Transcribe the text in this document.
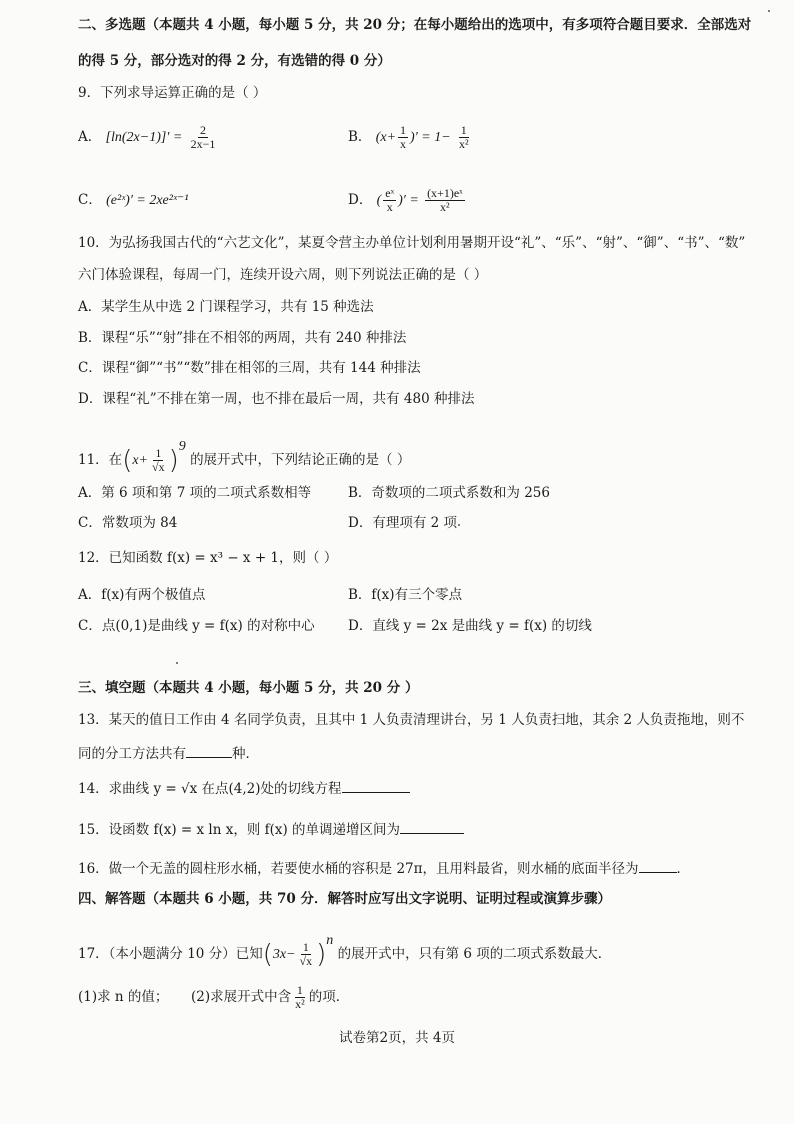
二、多选题（本题共 4 小题，每小题 5 分，共 20 分；在每小题给出的选项中，有多项符合题目要求．全部选对
的得 5 分，部分选对的得 2 分，有选错的得 0 分）
9．下列求导运算正确的是（ ）
A． $[\ln(2x-1)]' = \frac{2}{2x-1}$	B． ($x+ \frac{1}{x}$ )′ = $1- \frac{1}{\text{x²}}$
C． (e²ˣ)′ = 2xe²ˣ⁻¹	D． ( $\frac{\text{eˣ}}{x}$ )′ = $\frac{\text{(x+1)eˣ}}{\text{x²}}$
10．为弘扬我国古代的“六艺文化”，某夏令营主办单位计划利用暑期开设“礼”、“乐”、“射”、“御”、“书”、“数”
六门体验课程，每周一门，连续开设六周，则下列说法正确的是（ ）
A．某学生从中选 2 门课程学习，共有 15 种选法
B．课程“乐”“射”排在不相邻的两周，共有 240 种排法
C．课程“御”“书”“数”排在相邻的三周，共有 144 种排法
D．课程“礼”不排在第一周，也不排在最后一周，共有 480 种排法
11．在$(x+ \frac{1}{√x} )^9$ 的展开式中，下列结论正确的是（ ）
A．第 6 项和第 7 项的二项式系数相等	B．奇数项的二项式系数和为 256
C．常数项为 84	D．有理项有 2 项
12．已知函数 f(x) = x³ − x + 1，则（ ）
A．f(x)有两个极值点	B．f(x)有三个零点
C．点(0,1)是曲线 y = f(x) 的对称中心 D．直线 y = 2x 是曲线 y = f(x) 的切线
三、填空题（本题共 4 小题，每小题 5 分，共 20 分 ）
13．某天的值日工作由 4 名同学负责，且其中 1 人负责清理讲台，另 1 人负责扫地，其余 2 人负责拖地，则不
同的分工方法共有	种．
14．求曲线 y = √x 在点(4,2)处的切线方程
15．设函数 f(x) = x ln x，则 f(x) 的单调递增区间为
16．做一个无盖的圆柱形水桶，若要使水桶的容积是 27π，且用料最省，则水桶的底面半径为	．
四、解答题（本题共 6 小题，共 70 分．解答时应写出文字说明、证明过程或演算步骤）
17．（本小题满分 10 分）已知$(3x- \frac{1}{√x} )^n$ 的展开式中，只有第 6 项的二项式系数最大．
(1)求 n 的值； (2)求展开式中含 $\frac{1}{\text{x²}}$ 的项．
试卷第2页，共 4页
